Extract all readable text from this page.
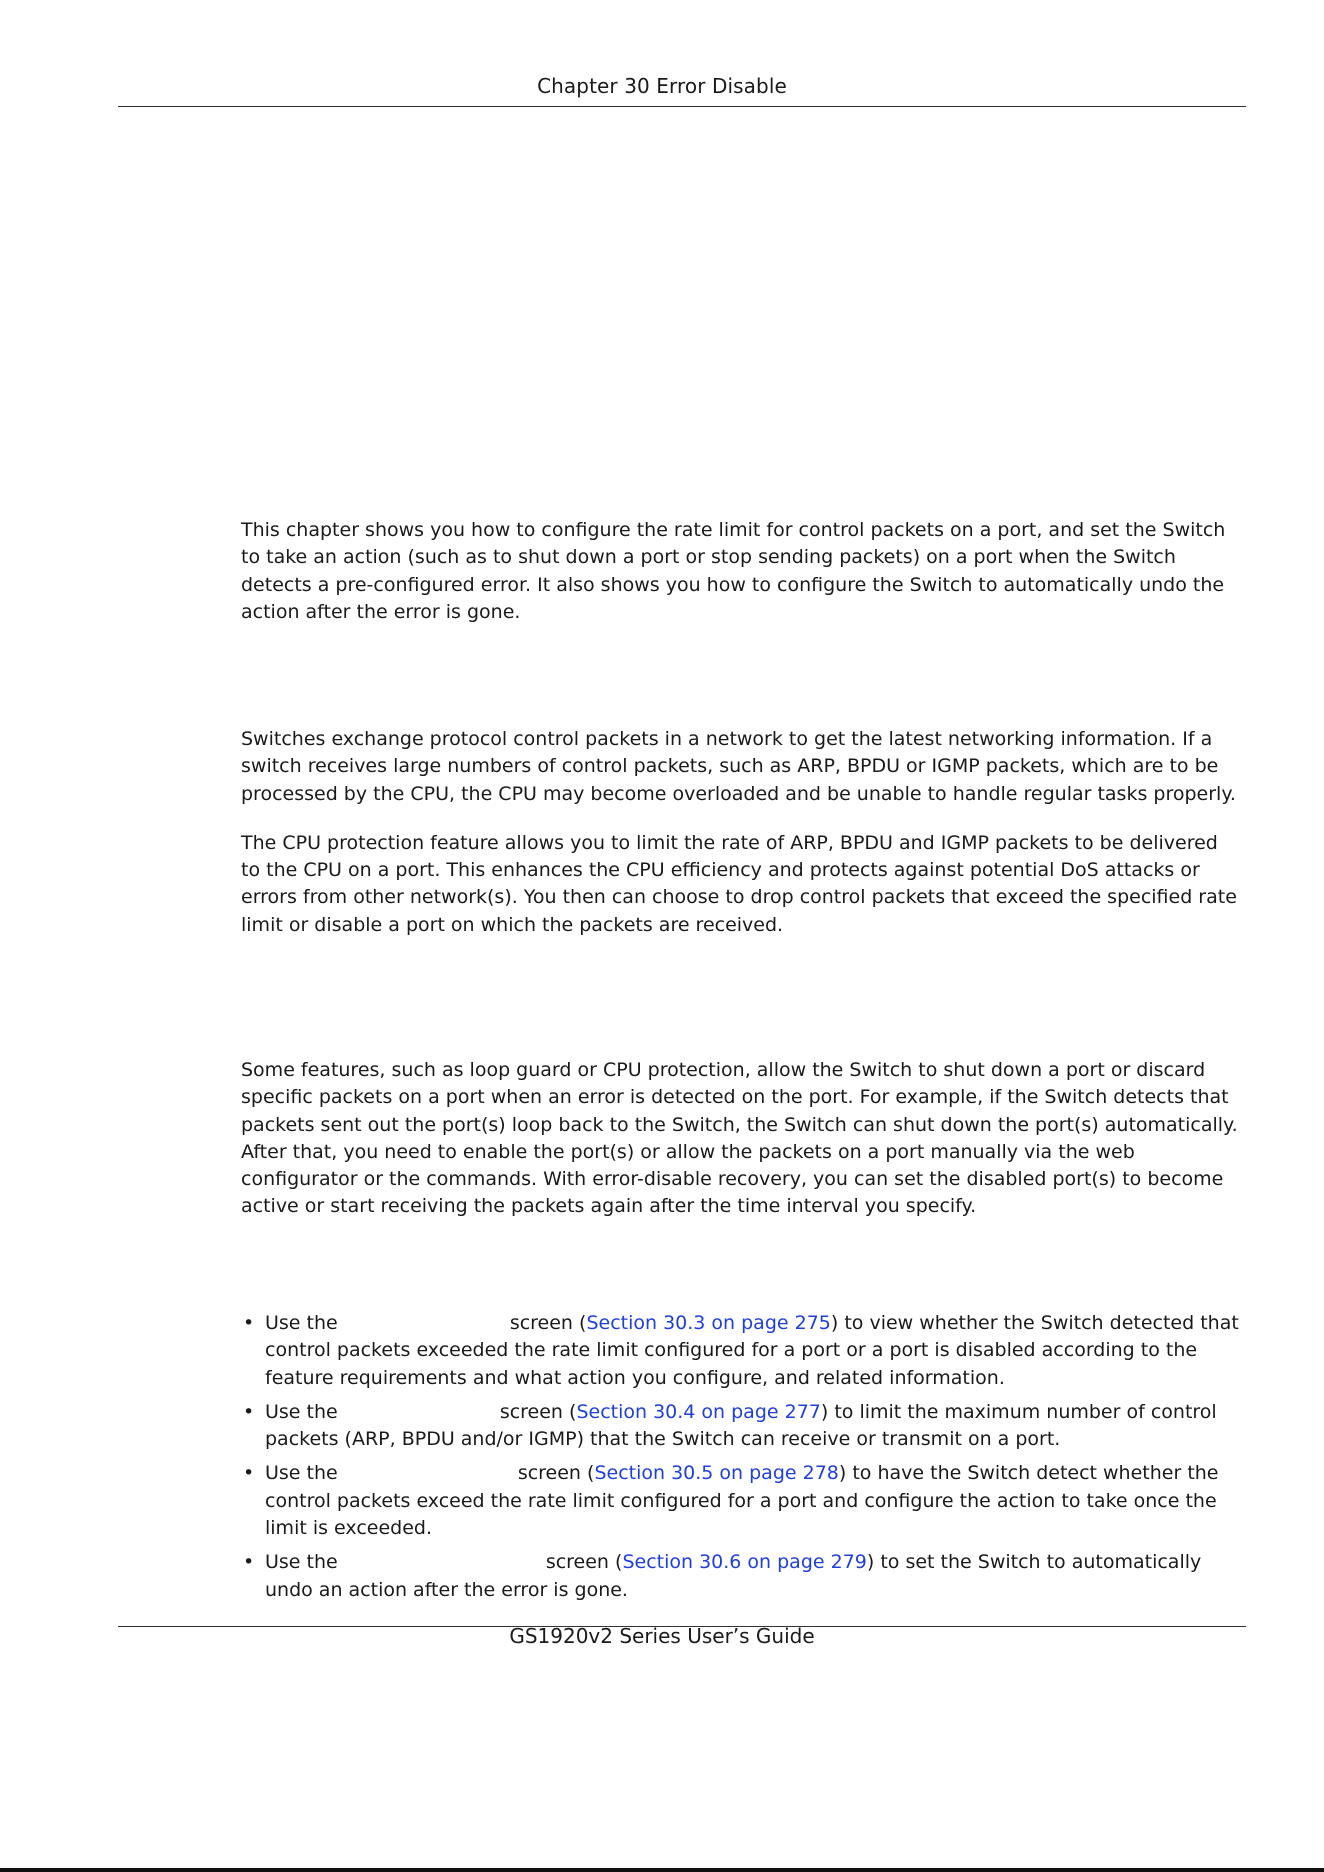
Chapter 30 Error Disable

This chapter shows you how to configure the rate limit for control packets on a port, and set the Switch to take an action (such as to shut down a port or stop sending packets) on a port when the Switch detects a pre-configured error. It also shows you how to configure the Switch to automatically undo the action after the error is gone.

Switches exchange protocol control packets in a network to get the latest networking information. If a switch receives large numbers of control packets, such as ARP, BPDU or IGMP packets, which are to be processed by the CPU, the CPU may become overloaded and be unable to handle regular tasks properly.

The CPU protection feature allows you to limit the rate of ARP, BPDU and IGMP packets to be delivered to the CPU on a port. This enhances the CPU efficiency and protects against potential DoS attacks or errors from other network(s). You then can choose to drop control packets that exceed the specified rate limit or disable a port on which the packets are received.

Some features, such as loop guard or CPU protection, allow the Switch to shut down a port or discard specific packets on a port when an error is detected on the port. For example, if the Switch detects that packets sent out the port(s) loop back to the Switch, the Switch can shut down the port(s) automatically. After that, you need to enable the port(s) or allow the packets on a port manually via the web configurator or the commands. With error-disable recovery, you can set the disabled port(s) to become active or start receiving the packets again after the time interval you specify.

• Use the	screen (Section 30.3 on page 275) to view whether the Switch detected that control packets exceeded the rate limit configured for a port or a port is disabled according to the feature requirements and what action you configure, and related information.
• Use the	screen (Section 30.4 on page 277) to limit the maximum number of control packets (ARP, BPDU and/or IGMP) that the Switch can receive or transmit on a port.
• Use the	screen (Section 30.5 on page 278) to have the Switch detect whether the control packets exceed the rate limit configured for a port and configure the action to take once the limit is exceeded.
• Use the	screen (Section 30.6 on page 279) to set the Switch to automatically undo an action after the error is gone.
GS1920v2 Series User’s Guide
